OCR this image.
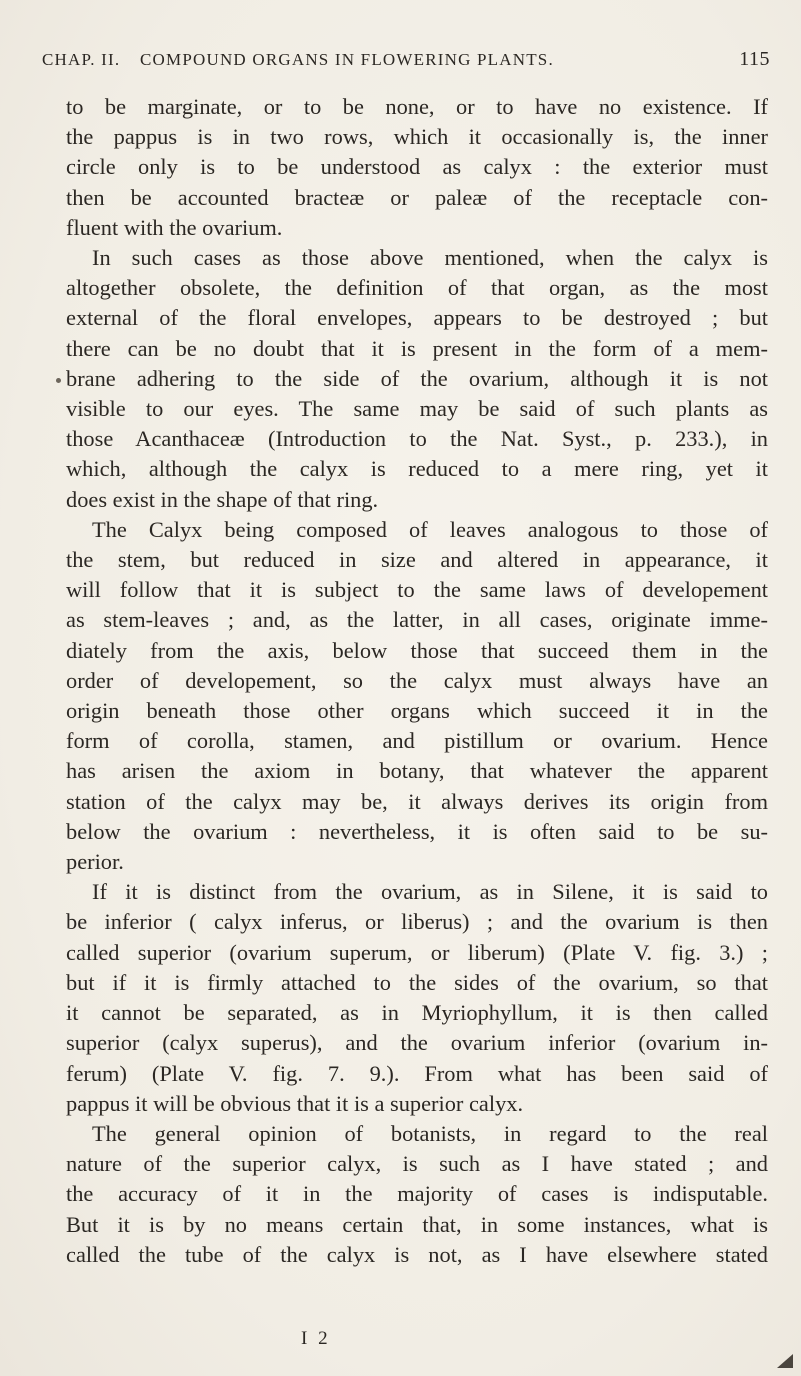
CHAP. II. COMPOUND ORGANS IN FLOWERING PLANTS.	115
to be marginate, or to be none, or to have no existence. If
the pappus is in two rows, which it occasionally is, the inner
circle only is to be understood as calyx : the exterior must
then be accounted bracteæ or paleæ of the receptacle con-
fluent with the ovarium.
In such cases as those above mentioned, when the calyx is
altogether obsolete, the definition of that organ, as the most
external of the floral envelopes, appears to be destroyed ; but
there can be no doubt that it is present in the form of a mem-
brane adhering to the side of the ovarium, although it is not
visible to our eyes. The same may be said of such plants as
those Acanthaceæ (Introduction to the Nat. Syst., p. 233.), in
which, although the calyx is reduced to a mere ring, yet it
does exist in the shape of that ring.
The Calyx being composed of leaves analogous to those of
the stem, but reduced in size and altered in appearance, it
will follow that it is subject to the same laws of developement
as stem-leaves ; and, as the latter, in all cases, originate imme-
diately from the axis, below those that succeed them in the
order of developement, so the calyx must always have an
origin beneath those other organs which succeed it in the
form of corolla, stamen, and pistillum or ovarium. Hence
has arisen the axiom in botany, that whatever the apparent
station of the calyx may be, it always derives its origin from
below the ovarium : nevertheless, it is often said to be su-
perior.
If it is distinct from the ovarium, as in Silene, it is said to
be inferior ( calyx inferus, or liberus) ; and the ovarium is then
called superior (ovarium superum, or liberum) (Plate V. fig. 3.) ;
but if it is firmly attached to the sides of the ovarium, so that
it cannot be separated, as in Myriophyllum, it is then called
superior (calyx superus), and the ovarium inferior (ovarium in-
ferum) (Plate V. fig. 7. 9.). From what has been said of
pappus it will be obvious that it is a superior calyx.
The general opinion of botanists, in regard to the real
nature of the superior calyx, is such as I have stated ; and
the accuracy of it in the majority of cases is indisputable.
But it is by no means certain that, in some instances, what is
called the tube of the calyx is not, as I have elsewhere stated
I 2
